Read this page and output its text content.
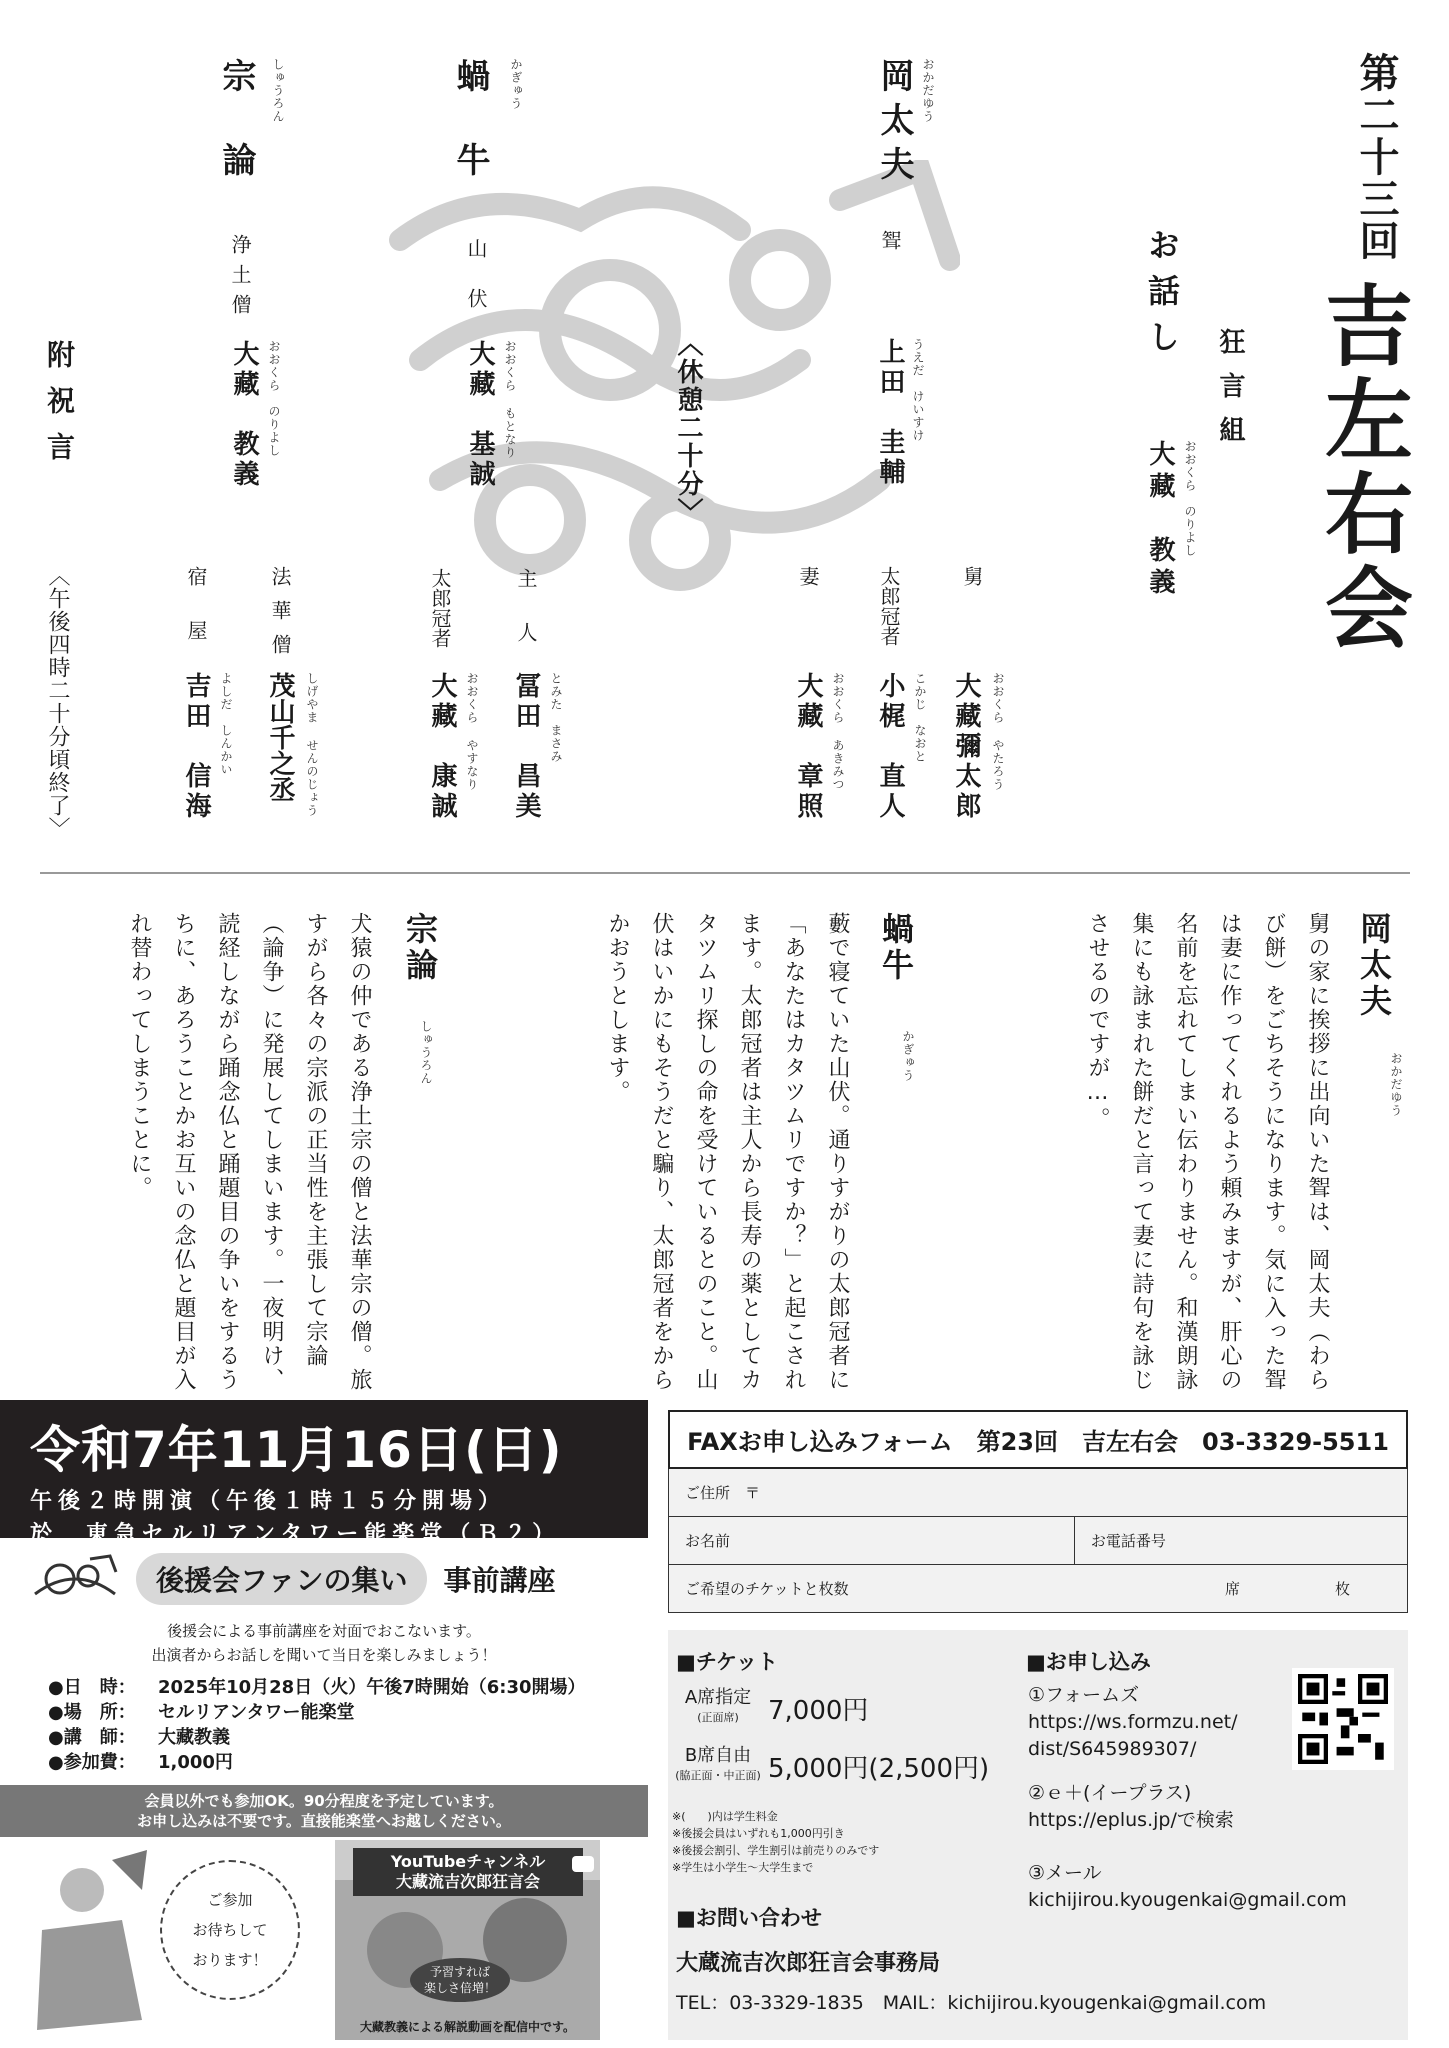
第二十三回
吉左右会
狂言組
お話し
大藏　教義 おおくら　のりよし
岡太夫 おかだゆう
聟
上田　圭輔 うえだ　けいすけ
舅
大藏彌太郎 おおくら やたろう
太郎冠者
小梶　直人 こかじ　なおと
妻
大藏　章照 おおくら あきみつ
〈休憩二十分〉
蝸牛	かぎゅう
山伏
大藏　基誠 おおくら もとなり
主人
冨田　昌美 とみた　まさみ
太郎冠者
大藏　康誠 おおくら やすなり
宗論	しゅうろん
浄土僧
大藏　教義 おおくら　のりよし
法華僧
茂山千之丞 しげやま せんのじょう
宿屋
吉田　信海 よしだ　しんかい
附祝言
〈午後四時二十分頃終了〉
岡太夫
おかだゆう
舅の家に挨拶に出向いた聟は、岡太夫（わらび餅）をごちそうになります。気に入った聟は妻に作ってくれるよう頼みますが、肝心の名前を忘れてしまい伝わりません。和漢朗詠集にも詠まれた餅だと言って妻に詩句を詠じさせるのですが…。
蝸牛
かぎゅう
藪で寝ていた山伏。通りすがりの太郎冠者に「あなたはカタツムリですか？」と起こされます。太郎冠者は主人から長寿の薬としてカタツムリ探しの命を受けているとのこと。山伏はいかにもそうだと騙り、太郎冠者をからかおうとします。
宗論
しゅうろん
犬猿の仲である浄土宗の僧と法華宗の僧。旅すがら各々の宗派の正当性を主張して宗論（論争）に発展してしまいます。一夜明け、読経しながら踊念仏と踊題目の争いをするうちに、あろうことかお互いの念仏と題目が入れ替わってしまうことに。
令和7年11月16日(日)
午後２時開演（午後１時１５分開場）
於　東急セルリアンタワー能楽堂（Ｂ２）
後援会ファンの集い	事前講座
後援会による事前講座を対面でおこないます。
出演者からお話しを聞いて当日を楽しみましょう！
●日　時：	2025年10月28日（火）午後7時開始（6:30開場）
●場　所：	セルリアンタワー能楽堂
●講　師：	大藏教義
●参加費：	1,000円
会員以外でも参加OK。90分程度を予定しています。
お申し込みは不要です。直接能楽堂へお越しください。
ご参加
お待ちして
おります！
YouTubeチャンネル
大藏流吉次郎狂言会
予習すれば
楽しさ倍増！
大藏教義による解説動画を配信中です。
FAXお申し込みフォーム　第23回　吉左右会　03-3329-5511
ご住所　〒
お名前	お電話番号
ご希望のチケットと枚数	席	枚
■チケット
A席指定
(正面席)	7,000円
B席自由
(脇正面・中正面) 5,000円(2,500円)
※(　　)内は学生料金
※後援会員はいずれも1,000円引き
※後援会割引、学生割引は前売りのみです
※学生は小学生〜大学生まで
■お申し込み
①フォームズ
https://ws.formzu.net/
dist/S645989307/
②ｅ＋(イープラス)
https://eplus.jp/で検索
③メール
kichijirou.kyougenkai@gmail.com
■お問い合わせ
大蔵流吉次郎狂言会事務局
TEL：03-3329-1835　MAIL：kichijirou.kyougenkai@gmail.com
